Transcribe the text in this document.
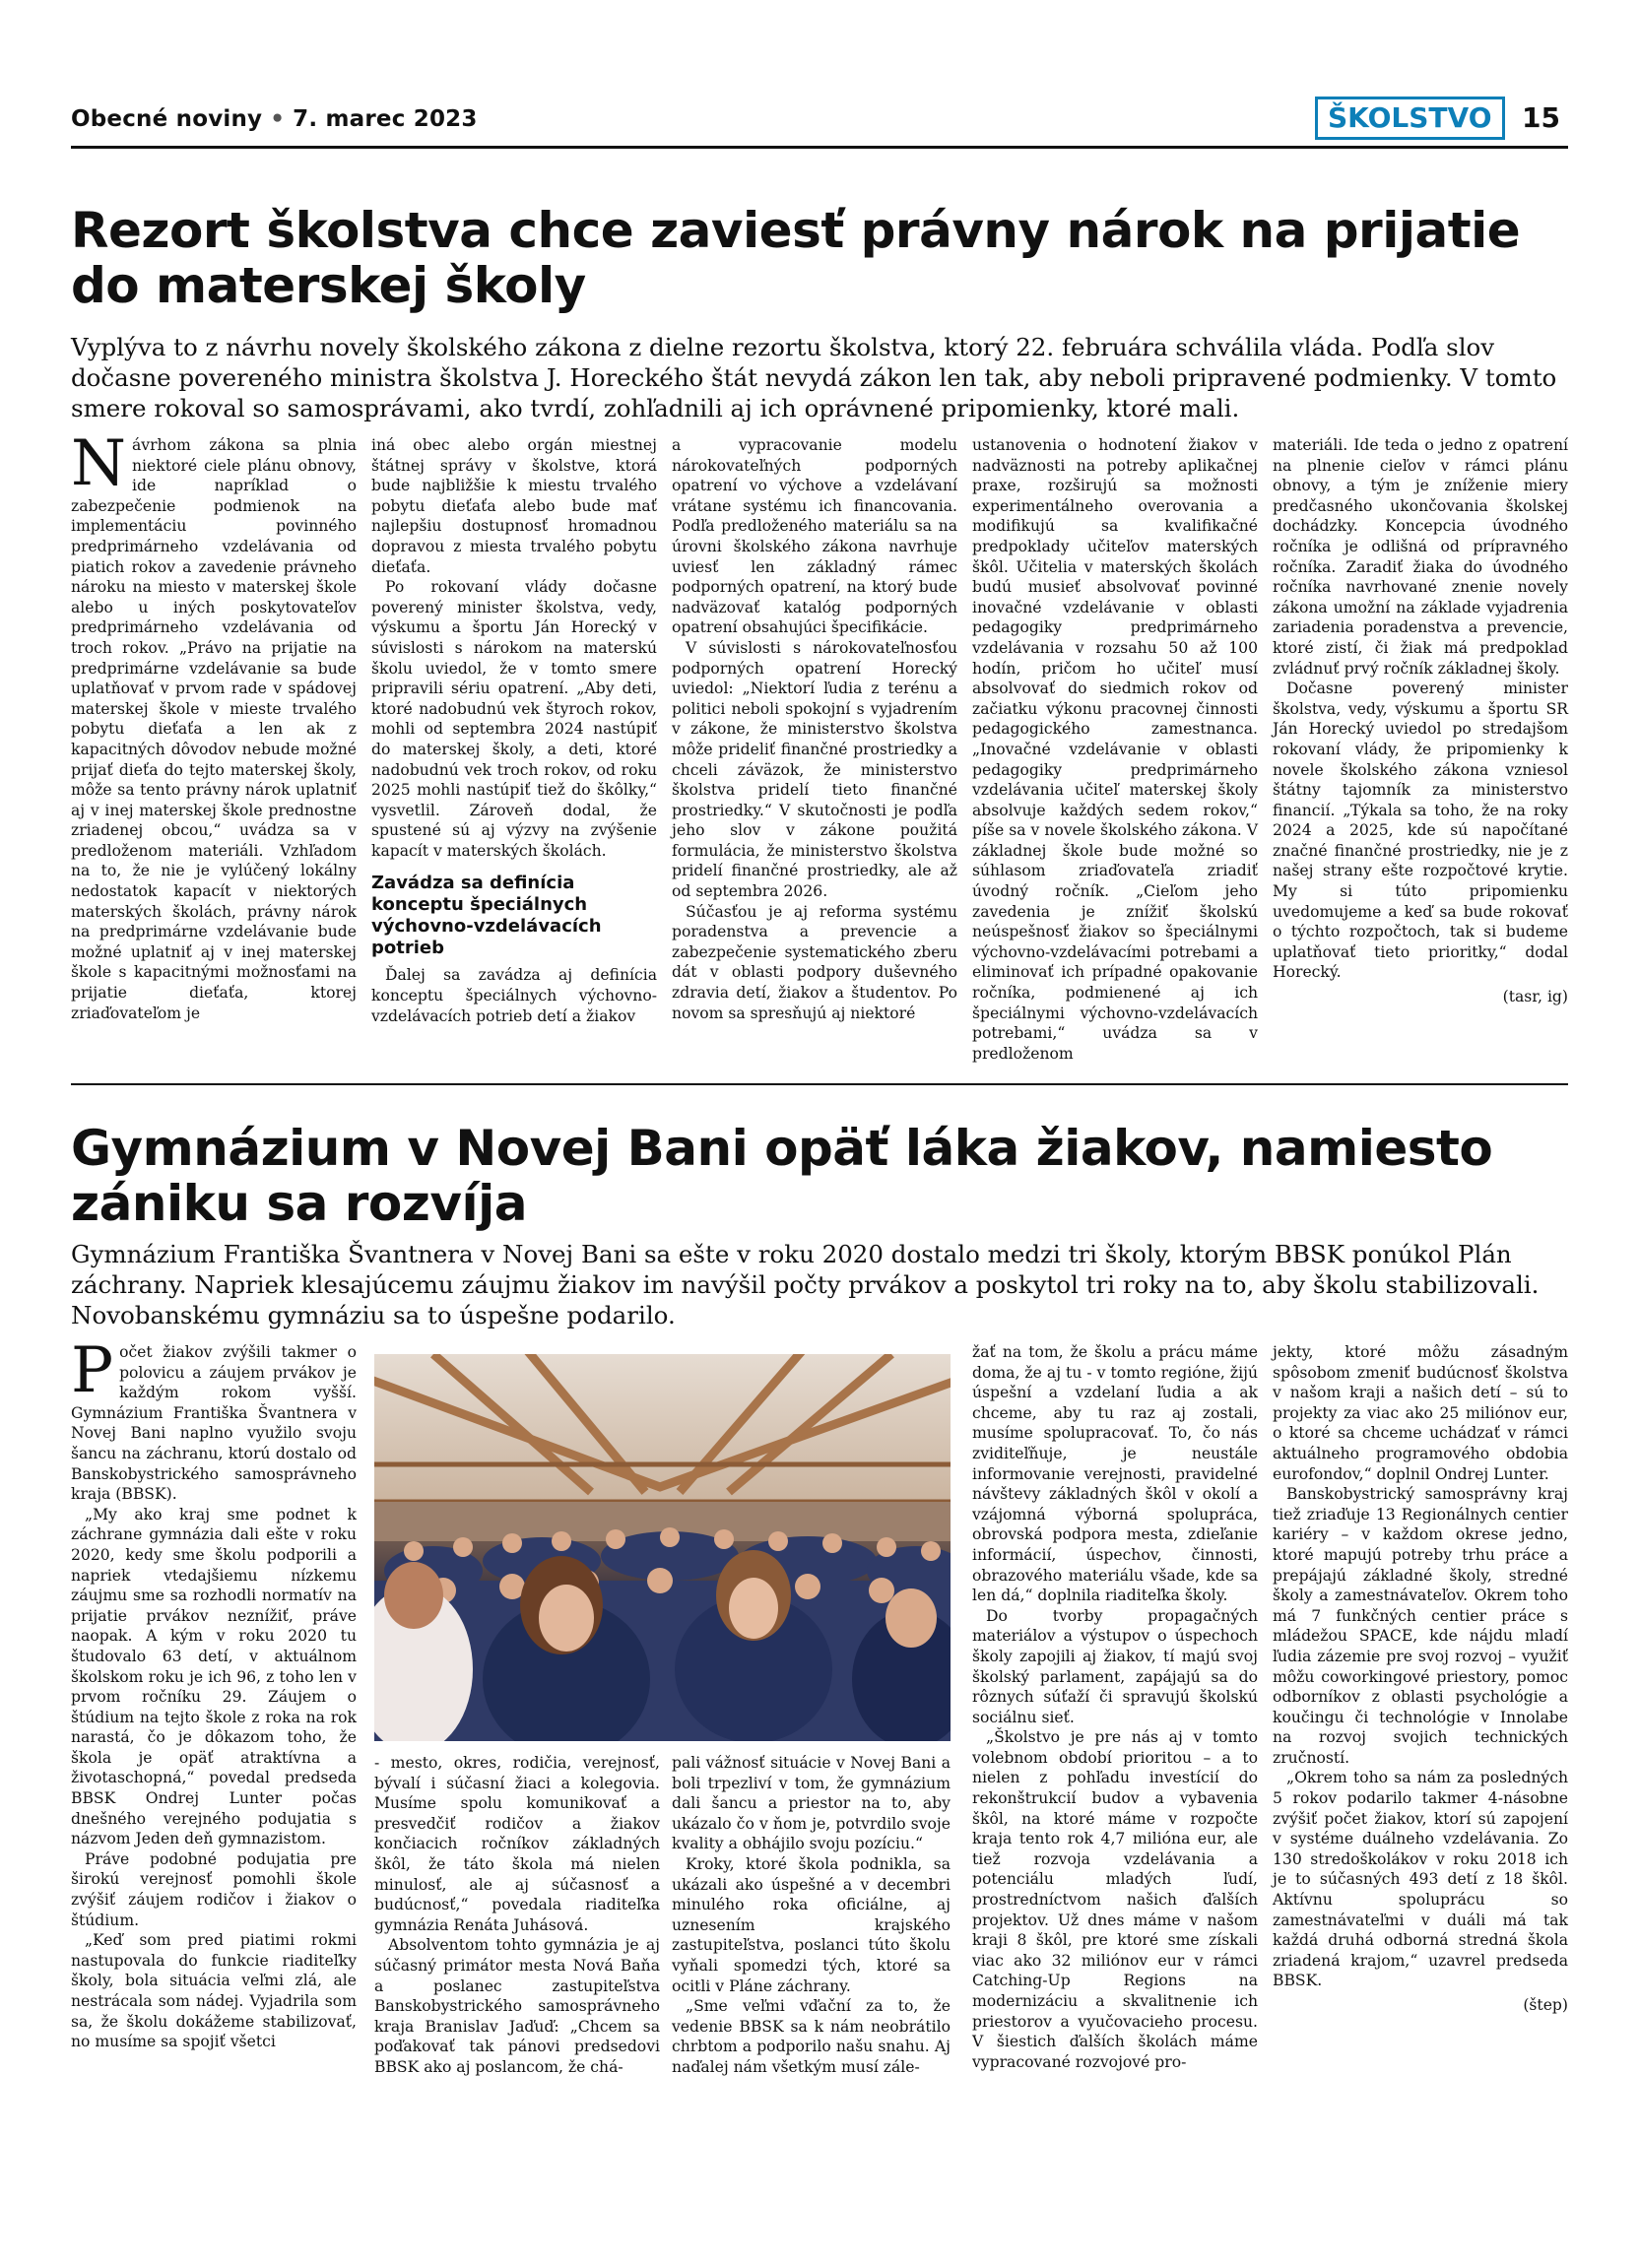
Obecné noviny • 7. marec 2023	ŠKOLSTVO	15
Rezort školstva chce zaviesť právny nárok na prijatie
do materskej školy
Vyplýva to z návrhu novely školského zákona z dielne rezortu školstva, ktorý 22. februára schválila vláda. Podľa slov dočasne povereného ministra školstva J. Horeckého štát nevydá zákon len tak, aby neboli pripravené podmienky. V tomto smere rokoval so samosprávami, ako tvrdí, zohľadnili aj ich oprávnené pripomienky, ktoré mali.

Návrhom zákona sa plnia niektoré ciele plánu obnovy, ide napríklad o zabezpečenie podmienok na implementáciu povinného predprimárneho vzdelávania od piatich rokov a zavedenie právneho nároku na miesto v materskej škole alebo u iných poskytovateľov predprimárneho vzdelávania od troch rokov. „Právo na prijatie na predprimárne vzdelávanie sa bude uplatňovať v prvom rade v spádovej materskej škole v mieste trvalého pobytu dieťaťa a len ak z kapacitných dôvodov nebude možné prijať dieťa do tejto materskej školy, môže sa tento právny nárok uplatniť aj v inej materskej škole prednostne zriadenej obcou,“ uvádza sa v predloženom materiáli. Vzhľadom na to, že nie je vylúčený lokálny nedostatok kapacít v niektorých materských školách, právny nárok na predprimárne vzdelávanie bude možné uplatniť aj v inej materskej škole s kapacitnými možnosťami na prijatie dieťaťa, ktorej zriaďovateľom je

iná obec alebo orgán miestnej štátnej správy v školstve, ktorá bude najbližšie k miestu trvalého pobytu dieťaťa alebo bude mať najlepšiu dostupnosť hromadnou dopravou z miesta trvalého pobytu dieťaťa.

Po rokovaní vlády dočasne poverený minister školstva, vedy, výskumu a športu Ján Horecký v súvislosti s nárokom na materskú školu uviedol, že v tomto smere pripravili sériu opatrení. „Aby deti, ktoré nadobudnú vek štyroch rokov, mohli od septembra 2024 nastúpiť do materskej školy, a deti, ktoré nadobudnú vek troch rokov, od roku 2025 mohli nastúpiť tiež do škôlky,“ vysvetlil. Zároveň dodal, že spustené sú aj výzvy na zvýšenie kapacít v materských školách.

Zavádza sa definícia konceptu špeciálnych výchovno-vzdelávacích potrieb

Ďalej sa zavádza aj definícia konceptu špeciálnych výchovno-vzdelávacích potrieb detí a žiakov

a vypracovanie modelu nárokovateľných podporných opatrení vo výchove a vzdelávaní vrátane systému ich financovania. Podľa predloženého materiálu sa na úrovni školského zákona navrhuje uviesť len základný rámec podporných opatrení, na ktorý bude nadväzovať katalóg podporných opatrení obsahujúci špecifikácie.

V súvislosti s nárokovateľnosťou podporných opatrení Horecký uviedol: „Niektorí ľudia z terénu a politici neboli spokojní s vyjadrením v zákone, že ministerstvo školstva môže prideliť finančné prostriedky a chceli záväzok, že ministerstvo školstva pridelí tieto finančné prostriedky.“ V skutočnosti je podľa jeho slov v zákone použitá formulácia, že ministerstvo školstva pridelí finančné prostriedky, ale až od septembra 2026.

Súčasťou je aj reforma systému poradenstva a prevencie a zabezpečenie systematického zberu dát v oblasti podpory duševného zdravia detí, žiakov a študentov. Po novom sa spresňujú aj niektoré

ustanovenia o hodnotení žiakov v nadväznosti na potreby aplikačnej praxe, rozširujú sa možnosti experimentálneho overovania a modifikujú sa kvalifikačné predpoklady učiteľov materských škôl. Učitelia v materských školách budú musieť absolvovať povinné inovačné vzdelávanie v oblasti pedagogiky predprimárneho vzdelávania v rozsahu 50 až 100 hodín, pričom ho učiteľ musí absolvovať do siedmich rokov od začiatku výkonu pracovnej činnosti pedagogického zamestnanca. „Inovačné vzdelávanie v oblasti pedagogiky predprimárneho vzdelávania učiteľ materskej školy absolvuje každých sedem rokov,“ píše sa v novele školského zákona. V základnej škole bude možné so súhlasom zriaďovateľa zriadiť úvodný ročník. „Cieľom jeho zavedenia je znížiť školskú neúspešnosť žiakov so špeciálnymi výchovno-vzdelávacími potrebami a eliminovať ich prípadné opakovanie ročníka, podmienené aj ich špeciálnymi výchovno-vzdelávacích potrebami,“ uvádza sa v predloženom

materiáli. Ide teda o jedno z opatrení na plnenie cieľov v rámci plánu obnovy, a tým je zníženie miery predčasného ukončovania školskej dochádzky. Koncepcia úvodného ročníka je odlišná od prípravného ročníka. Zaradiť žiaka do úvodného ročníka navrhované znenie novely zákona umožní na základe vyjadrenia zariadenia poradenstva a prevencie, ktoré zistí, či žiak má predpoklad zvládnuť prvý ročník základnej školy.

Dočasne poverený minister školstva, vedy, výskumu a športu SR Ján Horecký uviedol po stredajšom rokovaní vlády, že pripomienky k novele školského zákona vzniesol štátny tajomník za ministerstvo financií. „Týkala sa toho, že na roky 2024 a 2025, kde sú napočítané značné finančné prostriedky, nie je z našej strany ešte rozpočtové krytie. My si túto pripomienku uvedomujeme a keď sa bude rokovať o týchto rozpočtoch, tak si budeme uplatňovať tieto prioritky,“ dodal Horecký.

(tasr, ig)
Gymnázium v Novej Bani opäť láka žiakov, namiesto
zániku sa rozvíja
Gymnázium Františka Švantnera v Novej Bani sa ešte v roku 2020 dostalo medzi tri školy, ktorým BBSK ponúkol Plán záchrany. Napriek klesajúcemu záujmu žiakov im navýšil počty prvákov a poskytol tri roky na to, aby školu stabilizovali. Novobanskému gymnáziu sa to úspešne podarilo.

Počet žiakov zvýšili takmer o polovicu a záujem prvákov je každým rokom vyšší. Gymnázium Františka Švantnera v Novej Bani naplno využilo svoju šancu na záchranu, ktorú dostalo od Banskobystrického samosprávneho kraja (BBSK).

„My ako kraj sme podnet k záchrane gymnázia dali ešte v roku 2020, kedy sme školu podporili a napriek vtedajšiemu nízkemu záujmu sme sa rozhodli normatív na prijatie prvákov neznížiť, práve naopak. A kým v roku 2020 tu študovalo 63 detí, v aktuálnom školskom roku je ich 96, z toho len v prvom ročníku 29. Záujem o štúdium na tejto škole z roka na rok narastá, čo je dôkazom toho, že škola je opäť atraktívna a životaschopná,“ povedal predseda BBSK Ondrej Lunter počas dnešného verejného podujatia s názvom Jeden deň gymnazistom.

Práve podobné podujatia pre širokú verejnosť pomohli škole zvýšiť záujem rodičov i žiakov o štúdium.

„Keď som pred piatimi rokmi nastupovala do funkcie riaditeľky školy, bola situácia veľmi zlá, ale nestrácala som nádej. Vyjadrila som sa, že školu dokážeme stabilizovať, no musíme sa spojiť všetci

- mesto, okres, rodičia, verejnosť, bývalí i súčasní žiaci a kolegovia. Musíme spolu komunikovať a presvedčiť rodičov a žiakov končiacich ročníkov základných škôl, že táto škola má nielen minulosť, ale aj súčasnosť a budúcnosť,“ povedala riaditeľka gymnázia Renáta Juhásová.

Absolventom tohto gymnázia je aj súčasný primátor mesta Nová Baňa a poslanec zastupiteľstva Banskobystrického samosprávneho kraja Branislav Jaďuď: „Chcem sa poďakovať tak pánovi predsedovi BBSK ako aj poslancom, že chá-

pali vážnosť situácie v Novej Bani a boli trpezliví v tom, že gymnázium dali šancu a priestor na to, aby ukázalo čo v ňom je, potvrdilo svoje kvality a obhájilo svoju pozíciu.“

Kroky, ktoré škola podnikla, sa ukázali ako úspešné a v decembri minulého roka oficiálne, aj uznesením krajského zastupiteľstva, poslanci túto školu vyňali spomedzi tých, ktoré sa ocitli v Pláne záchrany.

„Sme veľmi vďační za to, že vedenie BBSK sa k nám neobrátilo chrbtom a podporilo našu snahu. Aj naďalej nám všetkým musí zále-

žať na tom, že školu a prácu máme doma, že aj tu - v tomto regióne, žijú úspešní a vzdelaní ľudia a ak chceme, aby tu raz aj zostali, musíme spolupracovať. To, čo nás zviditeľňuje, je neustále informovanie verejnosti, pravidelné návštevy základných škôl v okolí a vzájomná výborná spolupráca, obrovská podpora mesta, zdieľanie informácií, úspechov, činnosti, obrazového materiálu všade, kde sa len dá,“ doplnila riaditeľka školy.

Do tvorby propagačných materiálov a výstupov o úspechoch školy zapojili aj žiakov, tí majú svoj školský parlament, zapájajú sa do rôznych súťaží či spravujú školskú sociálnu sieť.

„Školstvo je pre nás aj v tomto volebnom období prioritou – a to nielen z pohľadu investícií do rekonštrukcií budov a vybavenia škôl, na ktoré máme v rozpočte kraja tento rok 4,7 milióna eur, ale tiež rozvoja vzdelávania a potenciálu mladých ľudí, prostredníctvom našich ďalších projektov. Už dnes máme v našom kraji 8 škôl, pre ktoré sme získali viac ako 32 miliónov eur v rámci Catching-Up Regions na modernizáciu a skvalitnenie ich priestorov a vyučovacieho procesu. V šiestich ďalších školách máme vypracované rozvojové pro-

jekty, ktoré môžu zásadným spôsobom zmeniť budúcnosť školstva v našom kraji a našich detí – sú to projekty za viac ako 25 miliónov eur, o ktoré sa chceme uchádzať v rámci aktuálneho programového obdobia eurofondov,“ doplnil Ondrej Lunter.

Banskobystrický samosprávny kraj tiež zriaďuje 13 Regionálnych centier kariéry – v každom okrese jedno, ktoré mapujú potreby trhu práce a prepájajú základné školy, stredné školy a zamestnávateľov. Okrem toho má 7 funkčných centier práce s mládežou SPACE, kde nájdu mladí ľudia zázemie pre svoj rozvoj – využiť môžu coworkingové priestory, pomoc odborníkov z oblasti psychológie a koučingu či technológie v Innolabe na rozvoj svojich technických zručností.

„Okrem toho sa nám za posledných 5 rokov podarilo takmer 4-násobne zvýšiť počet žiakov, ktorí sú zapojení v systéme duálneho vzdelávania. Zo 130 stredoškolákov v roku 2018 ich je to súčasných 493 detí z 18 škôl. Aktívnu spoluprácu so zamestnávateľmi v duáli má tak každá druhá odborná stredná škola zriadená krajom,“ uzavrel predseda BBSK.

(štep)
